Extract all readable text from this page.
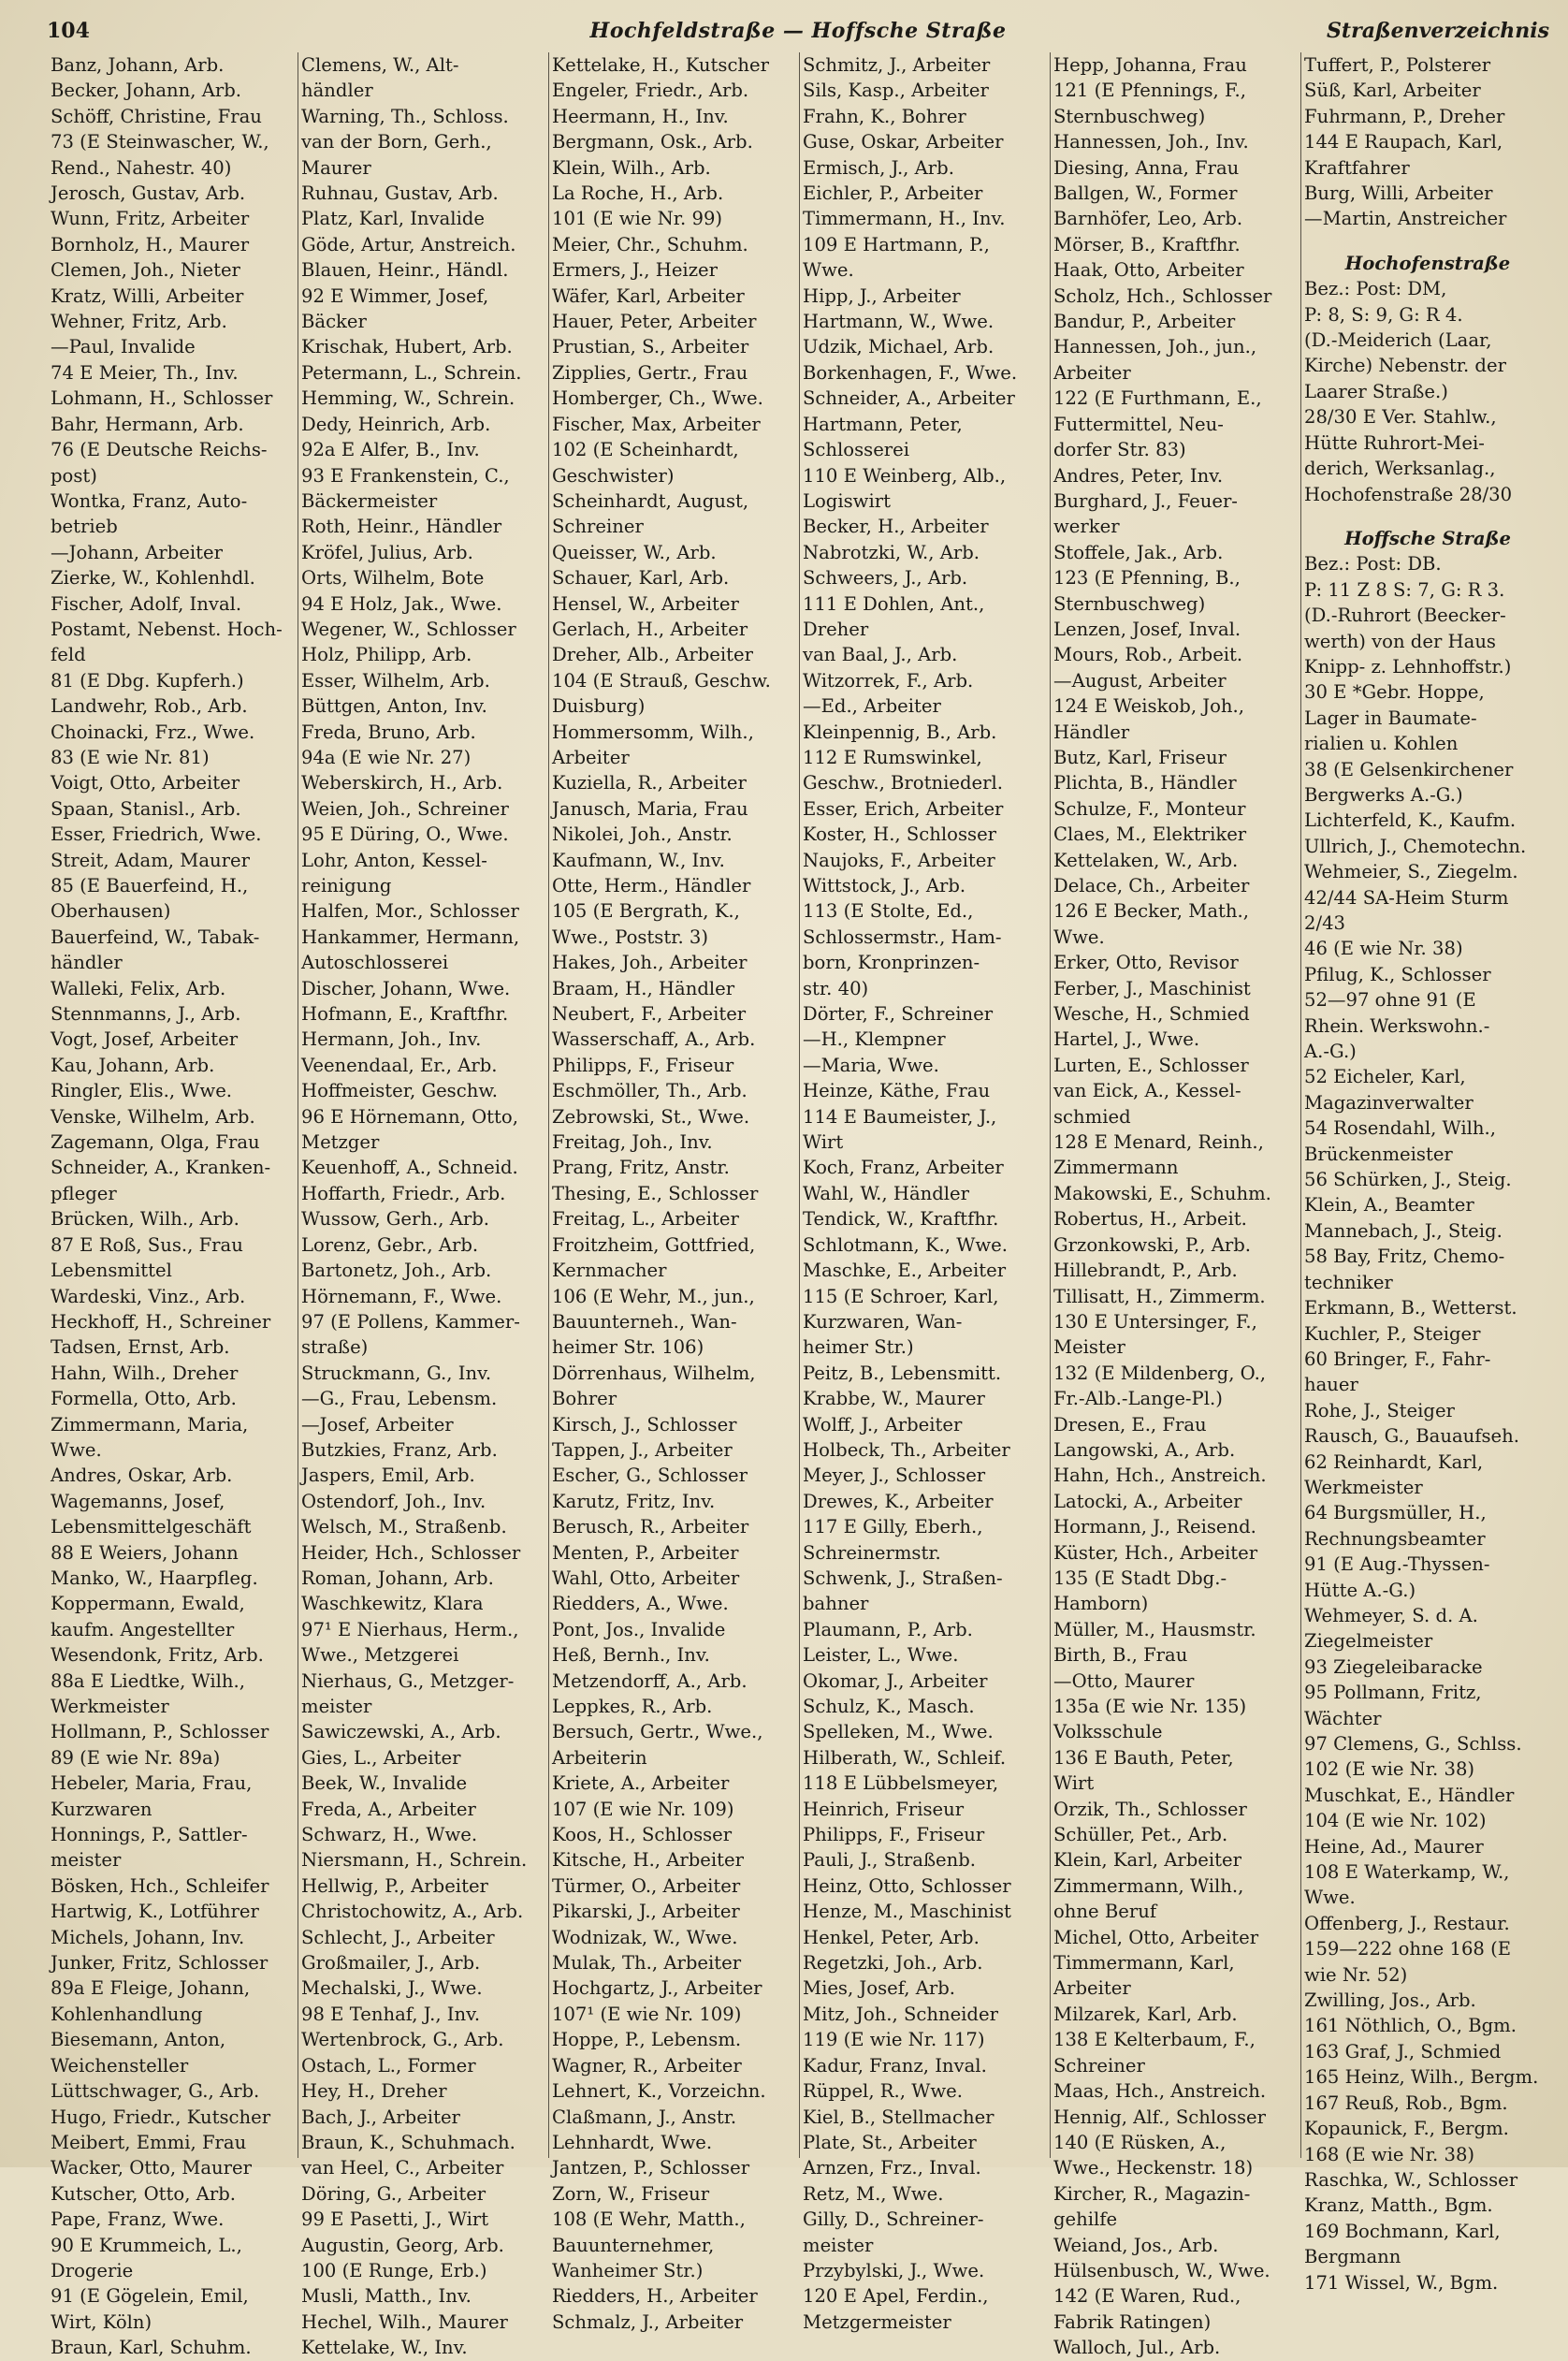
104	Hochfeldstraße — Hoffsche Straße	Straßenverzeichnis
Banz, Johann, Arb.
Becker, Johann, Arb.
Schöff, Christine, Frau
73 (E Steinwascher, W.,
Rend., Nahestr. 40)
Jerosch, Gustav, Arb.
Wunn, Fritz, Arbeiter
Bornholz, H., Maurer
Clemen, Joh., Nieter
Kratz, Willi, Arbeiter
Wehner, Fritz, Arb.
—Paul, Invalide
74 E Meier, Th., Inv.
Lohmann, H., Schlosser
Bahr, Hermann, Arb.
76 (E Deutsche Reichs-
post)
Wontka, Franz, Auto-
betrieb
—Johann, Arbeiter
Zierke, W., Kohlenhdl.
Fischer, Adolf, Inval.
Postamt, Nebenst. Hoch-
feld
81 (E Dbg. Kupferh.)
Landwehr, Rob., Arb.
Choinacki, Frz., Wwe.
83 (E wie Nr. 81)
Voigt, Otto, Arbeiter
Spaan, Stanisl., Arb.
Esser, Friedrich, Wwe.
Streit, Adam, Maurer
85 (E Bauerfeind, H.,
Oberhausen)
Bauerfeind, W., Tabak-
händler
Walleki, Felix, Arb.
Stennmanns, J., Arb.
Vogt, Josef, Arbeiter
Kau, Johann, Arb.
Ringler, Elis., Wwe.
Venske, Wilhelm, Arb.
Zagemann, Olga, Frau
Schneider, A., Kranken-
pfleger
Brücken, Wilh., Arb.
87 E Roß, Sus., Frau
Lebensmittel
Wardeski, Vinz., Arb.
Heckhoff, H., Schreiner
Tadsen, Ernst, Arb.
Hahn, Wilh., Dreher
Formella, Otto, Arb.
Zimmermann, Maria,
Wwe.
Andres, Oskar, Arb.
Wagemanns, Josef,
Lebensmittelgeschäft
88 E Weiers, Johann
Manko, W., Haarpfleg.
Koppermann, Ewald,
kaufm. Angestellter
Wesendonk, Fritz, Arb.
88a E Liedtke, Wilh.,
Werkmeister
Hollmann, P., Schlosser
89 (E wie Nr. 89a)
Hebeler, Maria, Frau,
Kurzwaren
Honnings, P., Sattler-
meister
Bösken, Hch., Schleifer
Hartwig, K., Lotführer
Michels, Johann, Inv.
Junker, Fritz, Schlosser
89a E Fleige, Johann,
Kohlenhandlung
Biesemann, Anton,
Weichensteller
Lüttschwager, G., Arb.
Hugo, Friedr., Kutscher
Meibert, Emmi, Frau
Wacker, Otto, Maurer
Kutscher, Otto, Arb.
Pape, Franz, Wwe.
90 E Krummeich, L.,
Drogerie
91 (E Gögelein, Emil,
Wirt, Köln)
Braun, Karl, Schuhm.
Clemens, W., Alt-
händler
Warning, Th., Schloss.
van der Born, Gerh.,
Maurer
Ruhnau, Gustav, Arb.
Platz, Karl, Invalide
Göde, Artur, Anstreich.
Blauen, Heinr., Händl.
92 E Wimmer, Josef,
Bäcker
Krischak, Hubert, Arb.
Petermann, L., Schrein.
Hemming, W., Schrein.
Dedy, Heinrich, Arb.
92a E Alfer, B., Inv.
93 E Frankenstein, C.,
Bäckermeister
Roth, Heinr., Händler
Kröfel, Julius, Arb.
Orts, Wilhelm, Bote
94 E Holz, Jak., Wwe.
Wegener, W., Schlosser
Holz, Philipp, Arb.
Esser, Wilhelm, Arb.
Büttgen, Anton, Inv.
Freda, Bruno, Arb.
94a (E wie Nr. 27)
Weberskirch, H., Arb.
Weien, Joh., Schreiner
95 E Düring, O., Wwe.
Lohr, Anton, Kessel-
reinigung
Halfen, Mor., Schlosser
Hankammer, Hermann,
Autoschlosserei
Discher, Johann, Wwe.
Hofmann, E., Kraftfhr.
Hermann, Joh., Inv.
Veenendaal, Er., Arb.
Hoffmeister, Geschw.
96 E Hörnemann, Otto,
Metzger
Keuenhoff, A., Schneid.
Hoffarth, Friedr., Arb.
Wussow, Gerh., Arb.
Lorenz, Gebr., Arb.
Bartonetz, Joh., Arb.
Hörnemann, F., Wwe.
97 (E Pollens, Kammer-
straße)
Struckmann, G., Inv.
—G., Frau, Lebensm.
—Josef, Arbeiter
Butzkies, Franz, Arb.
Jaspers, Emil, Arb.
Ostendorf, Joh., Inv.
Welsch, M., Straßenb.
Heider, Hch., Schlosser
Roman, Johann, Arb.
Waschkewitz, Klara
97¹ E Nierhaus, Herm.,
Wwe., Metzgerei
Nierhaus, G., Metzger-
meister
Sawiczewski, A., Arb.
Gies, L., Arbeiter
Beek, W., Invalide
Freda, A., Arbeiter
Schwarz, H., Wwe.
Niersmann, H., Schrein.
Hellwig, P., Arbeiter
Christochowitz, A., Arb.
Schlecht, J., Arbeiter
Großmailer, J., Arb.
Mechalski, J., Wwe.
98 E Tenhaf, J., Inv.
Wertenbrock, G., Arb.
Ostach, L., Former
Hey, H., Dreher
Bach, J., Arbeiter
Braun, K., Schuhmach.
van Heel, C., Arbeiter
Döring, G., Arbeiter
99 E Pasetti, J., Wirt
Augustin, Georg, Arb.
100 (E Runge, Erb.)
Musli, Matth., Inv.
Hechel, Wilh., Maurer
Kettelake, W., Inv.
Kettelake, H., Kutscher
Engeler, Friedr., Arb.
Heermann, H., Inv.
Bergmann, Osk., Arb.
Klein, Wilh., Arb.
La Roche, H., Arb.
101 (E wie Nr. 99)
Meier, Chr., Schuhm.
Ermers, J., Heizer
Wäfer, Karl, Arbeiter
Hauer, Peter, Arbeiter
Prustian, S., Arbeiter
Zipplies, Gertr., Frau
Homberger, Ch., Wwe.
Fischer, Max, Arbeiter
102 (E Scheinhardt,
Geschwister)
Scheinhardt, August,
Schreiner
Queisser, W., Arb.
Schauer, Karl, Arb.
Hensel, W., Arbeiter
Gerlach, H., Arbeiter
Dreher, Alb., Arbeiter
104 (E Strauß, Geschw.
Duisburg)
Hommersomm, Wilh.,
Arbeiter
Kuziella, R., Arbeiter
Janusch, Maria, Frau
Nikolei, Joh., Anstr.
Kaufmann, W., Inv.
Otte, Herm., Händler
105 (E Bergrath, K.,
Wwe., Poststr. 3)
Hakes, Joh., Arbeiter
Braam, H., Händler
Neubert, F., Arbeiter
Wasserschaff, A., Arb.
Philipps, F., Friseur
Eschmöller, Th., Arb.
Zebrowski, St., Wwe.
Freitag, Joh., Inv.
Prang, Fritz, Anstr.
Thesing, E., Schlosser
Freitag, L., Arbeiter
Froitzheim, Gottfried,
Kernmacher
106 (E Wehr, M., jun.,
Bauunterneh., Wan-
heimer Str. 106)
Dörrenhaus, Wilhelm,
Bohrer
Kirsch, J., Schlosser
Tappen, J., Arbeiter
Escher, G., Schlosser
Karutz, Fritz, Inv.
Berusch, R., Arbeiter
Menten, P., Arbeiter
Wahl, Otto, Arbeiter
Riedders, A., Wwe.
Pont, Jos., Invalide
Heß, Bernh., Inv.
Metzendorff, A., Arb.
Leppkes, R., Arb.
Bersuch, Gertr., Wwe.,
Arbeiterin
Kriete, A., Arbeiter
107 (E wie Nr. 109)
Koos, H., Schlosser
Kitsche, H., Arbeiter
Türmer, O., Arbeiter
Pikarski, J., Arbeiter
Wodnizak, W., Wwe.
Mulak, Th., Arbeiter
Hochgartz, J., Arbeiter
107¹ (E wie Nr. 109)
Hoppe, P., Lebensm.
Wagner, R., Arbeiter
Lehnert, K., Vorzeichn.
Claßmann, J., Anstr.
Lehnhardt, Wwe.
Jantzen, P., Schlosser
Zorn, W., Friseur
108 (E Wehr, Matth.,
Bauunternehmer,
Wanheimer Str.)
Riedders, H., Arbeiter
Schmalz, J., Arbeiter
Schmitz, J., Arbeiter
Sils, Kasp., Arbeiter
Frahn, K., Bohrer
Guse, Oskar, Arbeiter
Ermisch, J., Arb.
Eichler, P., Arbeiter
Timmermann, H., Inv.
109 E Hartmann, P.,
Wwe.
Hipp, J., Arbeiter
Hartmann, W., Wwe.
Udzik, Michael, Arb.
Borkenhagen, F., Wwe.
Schneider, A., Arbeiter
Hartmann, Peter,
Schlosserei
110 E Weinberg, Alb.,
Logiswirt
Becker, H., Arbeiter
Nabrotzki, W., Arb.
Schweers, J., Arb.
111 E Dohlen, Ant.,
Dreher
van Baal, J., Arb.
Witzorrek, F., Arb.
—Ed., Arbeiter
Kleinpennig, B., Arb.
112 E Rumswinkel,
Geschw., Brotniederl.
Esser, Erich, Arbeiter
Koster, H., Schlosser
Naujoks, F., Arbeiter
Wittstock, J., Arb.
113 (E Stolte, Ed.,
Schlossermstr., Ham-
born, Kronprinzen-
str. 40)
Dörter, F., Schreiner
—H., Klempner
—Maria, Wwe.
Heinze, Käthe, Frau
114 E Baumeister, J.,
Wirt
Koch, Franz, Arbeiter
Wahl, W., Händler
Tendick, W., Kraftfhr.
Schlotmann, K., Wwe.
Maschke, E., Arbeiter
115 (E Schroer, Karl,
Kurzwaren, Wan-
heimer Str.)
Peitz, B., Lebensmitt.
Krabbe, W., Maurer
Wolff, J., Arbeiter
Holbeck, Th., Arbeiter
Meyer, J., Schlosser
Drewes, K., Arbeiter
117 E Gilly, Eberh.,
Schreinermstr.
Schwenk, J., Straßen-
bahner
Plaumann, P., Arb.
Leister, L., Wwe.
Okomar, J., Arbeiter
Schulz, K., Masch.
Spelleken, M., Wwe.
Hilberath, W., Schleif.
118 E Lübbelsmeyer,
Heinrich, Friseur
Philipps, F., Friseur
Pauli, J., Straßenb.
Heinz, Otto, Schlosser
Henze, M., Maschinist
Henkel, Peter, Arb.
Regetzki, Joh., Arb.
Mies, Josef, Arb.
Mitz, Joh., Schneider
119 (E wie Nr. 117)
Kadur, Franz, Inval.
Rüppel, R., Wwe.
Kiel, B., Stellmacher
Plate, St., Arbeiter
Arnzen, Frz., Inval.
Retz, M., Wwe.
Gilly, D., Schreiner-
meister
Przybylski, J., Wwe.
120 E Apel, Ferdin.,
Metzgermeister
Hepp, Johanna, Frau
121 (E Pfennings, F.,
Sternbuschweg)
Hannessen, Joh., Inv.
Diesing, Anna, Frau
Ballgen, W., Former
Barnhöfer, Leo, Arb.
Mörser, B., Kraftfhr.
Haak, Otto, Arbeiter
Scholz, Hch., Schlosser
Bandur, P., Arbeiter
Hannessen, Joh., jun.,
Arbeiter
122 (E Furthmann, E.,
Futtermittel, Neu-
dorfer Str. 83)
Andres, Peter, Inv.
Burghard, J., Feuer-
werker
Stoffele, Jak., Arb.
123 (E Pfenning, B.,
Sternbuschweg)
Lenzen, Josef, Inval.
Mours, Rob., Arbeit.
—August, Arbeiter
124 E Weiskob, Joh.,
Händler
Butz, Karl, Friseur
Plichta, B., Händler
Schulze, F., Monteur
Claes, M., Elektriker
Kettelaken, W., Arb.
Delace, Ch., Arbeiter
126 E Becker, Math.,
Wwe.
Erker, Otto, Revisor
Ferber, J., Maschinist
Wesche, H., Schmied
Hartel, J., Wwe.
Lurten, E., Schlosser
van Eick, A., Kessel-
schmied
128 E Menard, Reinh.,
Zimmermann
Makowski, E., Schuhm.
Robertus, H., Arbeit.
Grzonkowski, P., Arb.
Hillebrandt, P., Arb.
Tillisatt, H., Zimmerm.
130 E Untersinger, F.,
Meister
132 (E Mildenberg, O.,
Fr.-Alb.-Lange-Pl.)
Dresen, E., Frau
Langowski, A., Arb.
Hahn, Hch., Anstreich.
Latocki, A., Arbeiter
Hormann, J., Reisend.
Küster, Hch., Arbeiter
135 (E Stadt Dbg.-
Hamborn)
Müller, M., Hausmstr.
Birth, B., Frau
—Otto, Maurer
135a (E wie Nr. 135)
Volksschule
136 E Bauth, Peter,
Wirt
Orzik, Th., Schlosser
Schüller, Pet., Arb.
Klein, Karl, Arbeiter
Zimmermann, Wilh.,
ohne Beruf
Michel, Otto, Arbeiter
Timmermann, Karl,
Arbeiter
Milzarek, Karl, Arb.
138 E Kelterbaum, F.,
Schreiner
Maas, Hch., Anstreich.
Hennig, Alf., Schlosser
140 (E Rüsken, A.,
Wwe., Heckenstr. 18)
Kircher, R., Magazin-
gehilfe
Weiand, Jos., Arb.
Hülsenbusch, W., Wwe.
142 (E Waren, Rud.,
Fabrik Ratingen)
Walloch, Jul., Arb.
Tuffert, P., Polsterer
Süß, Karl, Arbeiter
Fuhrmann, P., Dreher
144 E Raupach, Karl,
Kraftfahrer
Burg, Willi, Arbeiter
—Martin, Anstreicher
Hochofenstraße
Bez.: Post: DM,
P: 8, S: 9, G: R 4.
(D.-Meiderich (Laar,
Kirche) Nebenstr. der
Laarer Straße.)
28/30 E Ver. Stahlw.,
Hütte Ruhrort-Mei-
derich, Werksanlag.,
Hochofenstraße 28/30
Hoffsche Straße
Bez.: Post: DB.
P: 11 Z 8 S: 7, G: R 3.
(D.-Ruhrort (Beecker-
werth) von der Haus
Knipp- z. Lehnhoffstr.)
30 E *Gebr. Hoppe,
Lager in Baumate-
rialien u. Kohlen
38 (E Gelsenkirchener
Bergwerks A.-G.)
Lichterfeld, K., Kaufm.
Ullrich, J., Chemotechn.
Wehmeier, S., Ziegelm.
42/44 SA-Heim Sturm
2/43
46 (E wie Nr. 38)
Pfilug, K., Schlosser
52—97 ohne 91 (E
Rhein. Werkswohn.-
A.-G.)
52 Eicheler, Karl,
Magazinverwalter
54 Rosendahl, Wilh.,
Brückenmeister
56 Schürken, J., Steig.
Klein, A., Beamter
Mannebach, J., Steig.
58 Bay, Fritz, Chemo-
techniker
Erkmann, B., Wetterst.
Kuchler, P., Steiger
60 Bringer, F., Fahr-
hauer
Rohe, J., Steiger
Rausch, G., Bauaufseh.
62 Reinhardt, Karl,
Werkmeister
64 Burgsmüller, H.,
Rechnungsbeamter
91 (E Aug.-Thyssen-
Hütte A.-G.)
Wehmeyer, S. d. A.
Ziegelmeister
93 Ziegeleibaracke
95 Pollmann, Fritz,
Wächter
97 Clemens, G., Schlss.
102 (E wie Nr. 38)
Muschkat, E., Händler
104 (E wie Nr. 102)
Heine, Ad., Maurer
108 E Waterkamp, W.,
Wwe.
Offenberg, J., Restaur.
159—222 ohne 168 (E
wie Nr. 52)
Zwilling, Jos., Arb.
161 Nöthlich, O., Bgm.
163 Graf, J., Schmied
165 Heinz, Wilh., Bergm.
167 Reuß, Rob., Bgm.
Kopaunick, F., Bergm.
168 (E wie Nr. 38)
Raschka, W., Schlosser
Kranz, Matth., Bgm.
169 Bochmann, Karl,
Bergmann
171 Wissel, W., Bgm.
